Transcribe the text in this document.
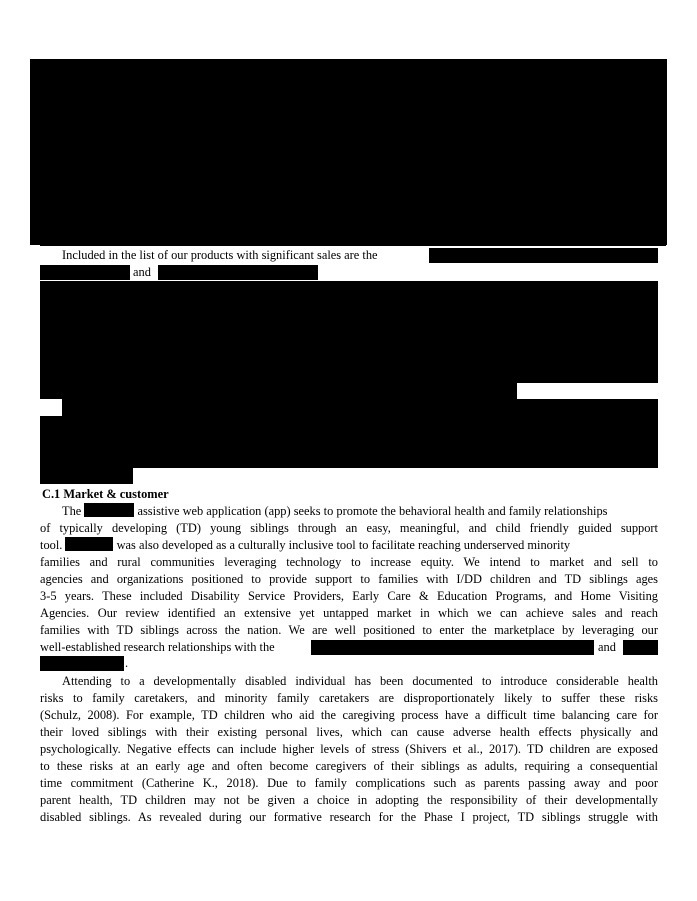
Included in the list of our products with significant sales are the
and
C.1 Market & customer
The	assistive web application (app) seeks to promote the behavioral health and family relationships
of typically developing (TD) young siblings through an easy, meaningful, and child friendly guided support
tool.	was also developed as a culturally inclusive tool to facilitate reaching underserved minority
families and rural communities leveraging technology to increase equity. We intend to market and sell to
agencies and organizations positioned to provide support to families with I/DD children and TD siblings ages
3-5 years. These included Disability Service Providers, Early Care & Education Programs, and Home Visiting
Agencies. Our review identified an extensive yet untapped market in which we can achieve sales and reach
families with TD siblings across the nation. We are well positioned to enter the marketplace by leveraging our
well-established research relationships with the	and
.
Attending to a developmentally disabled individual has been documented to introduce considerable health
risks to family caretakers, and minority family caretakers are disproportionately likely to suffer these risks
(Schulz, 2008). For example, TD children who aid the caregiving process have a difficult time balancing care for
their loved siblings with their existing personal lives, which can cause adverse health effects physically and
psychologically. Negative effects can include higher levels of stress (Shivers et al., 2017). TD children are exposed
to these risks at an early age and often become caregivers of their siblings as adults, requiring a consequential
time commitment (Catherine K., 2018). Due to family complications such as parents passing away and poor
parent health, TD children may not be given a choice in adopting the responsibility of their developmentally
disabled siblings. As revealed during our formative research for the Phase I project, TD siblings struggle with
